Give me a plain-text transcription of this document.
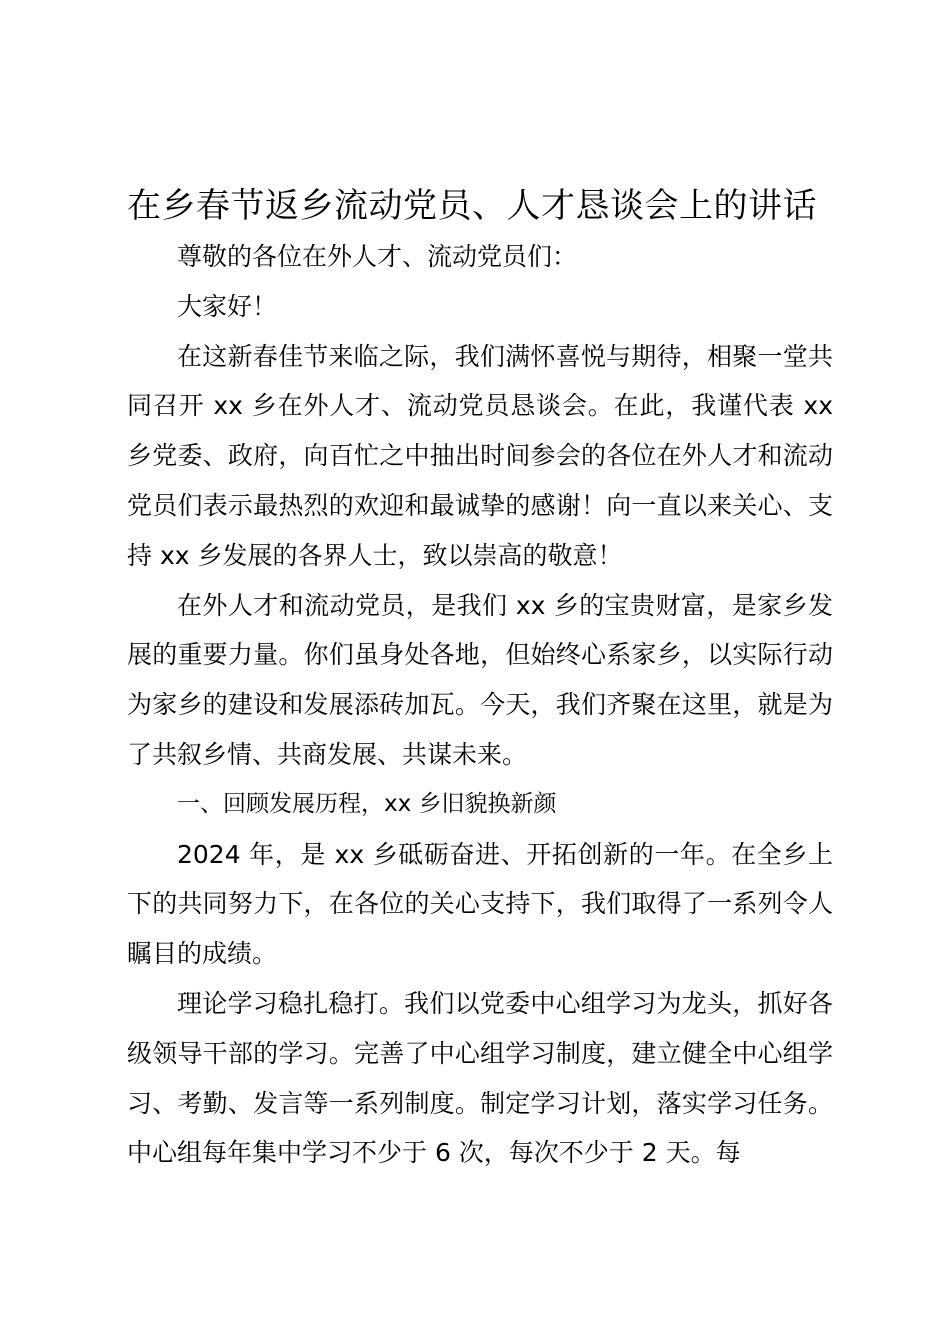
在乡春节返乡流动党员、人才恳谈会上的讲话

尊敬的各位在外人才、流动党员们：

大家好！

在这新春佳节来临之际，我们满怀喜悦与期待，相聚一堂共同召开 xx 乡在外人才、流动党员恳谈会。在此，我谨代表 xx 乡党委、政府，向百忙之中抽出时间参会的各位在外人才和流动党员们表示最热烈的欢迎和最诚挚的感谢！向一直以来关心、支持 xx 乡发展的各界人士，致以崇高的敬意！

在外人才和流动党员，是我们 xx 乡的宝贵财富，是家乡发展的重要力量。你们虽身处各地，但始终心系家乡，以实际行动为家乡的建设和发展添砖加瓦。今天，我们齐聚在这里，就是为了共叙乡情、共商发展、共谋未来。

一、回顾发展历程，xx 乡旧貌换新颜

2024 年，是 xx 乡砥砺奋进、开拓创新的一年。在全乡上下的共同努力下，在各位的关心支持下，我们取得了一系列令人瞩目的成绩。

理论学习稳扎稳打。我们以党委中心组学习为龙头，抓好各级领导干部的学习。完善了中心组学习制度，建立健全中心组学习、考勤、发言等一系列制度。制定学习计划，落实学习任务。中心组每年集中学习不少于 6 次，每次不少于 2 天。每
